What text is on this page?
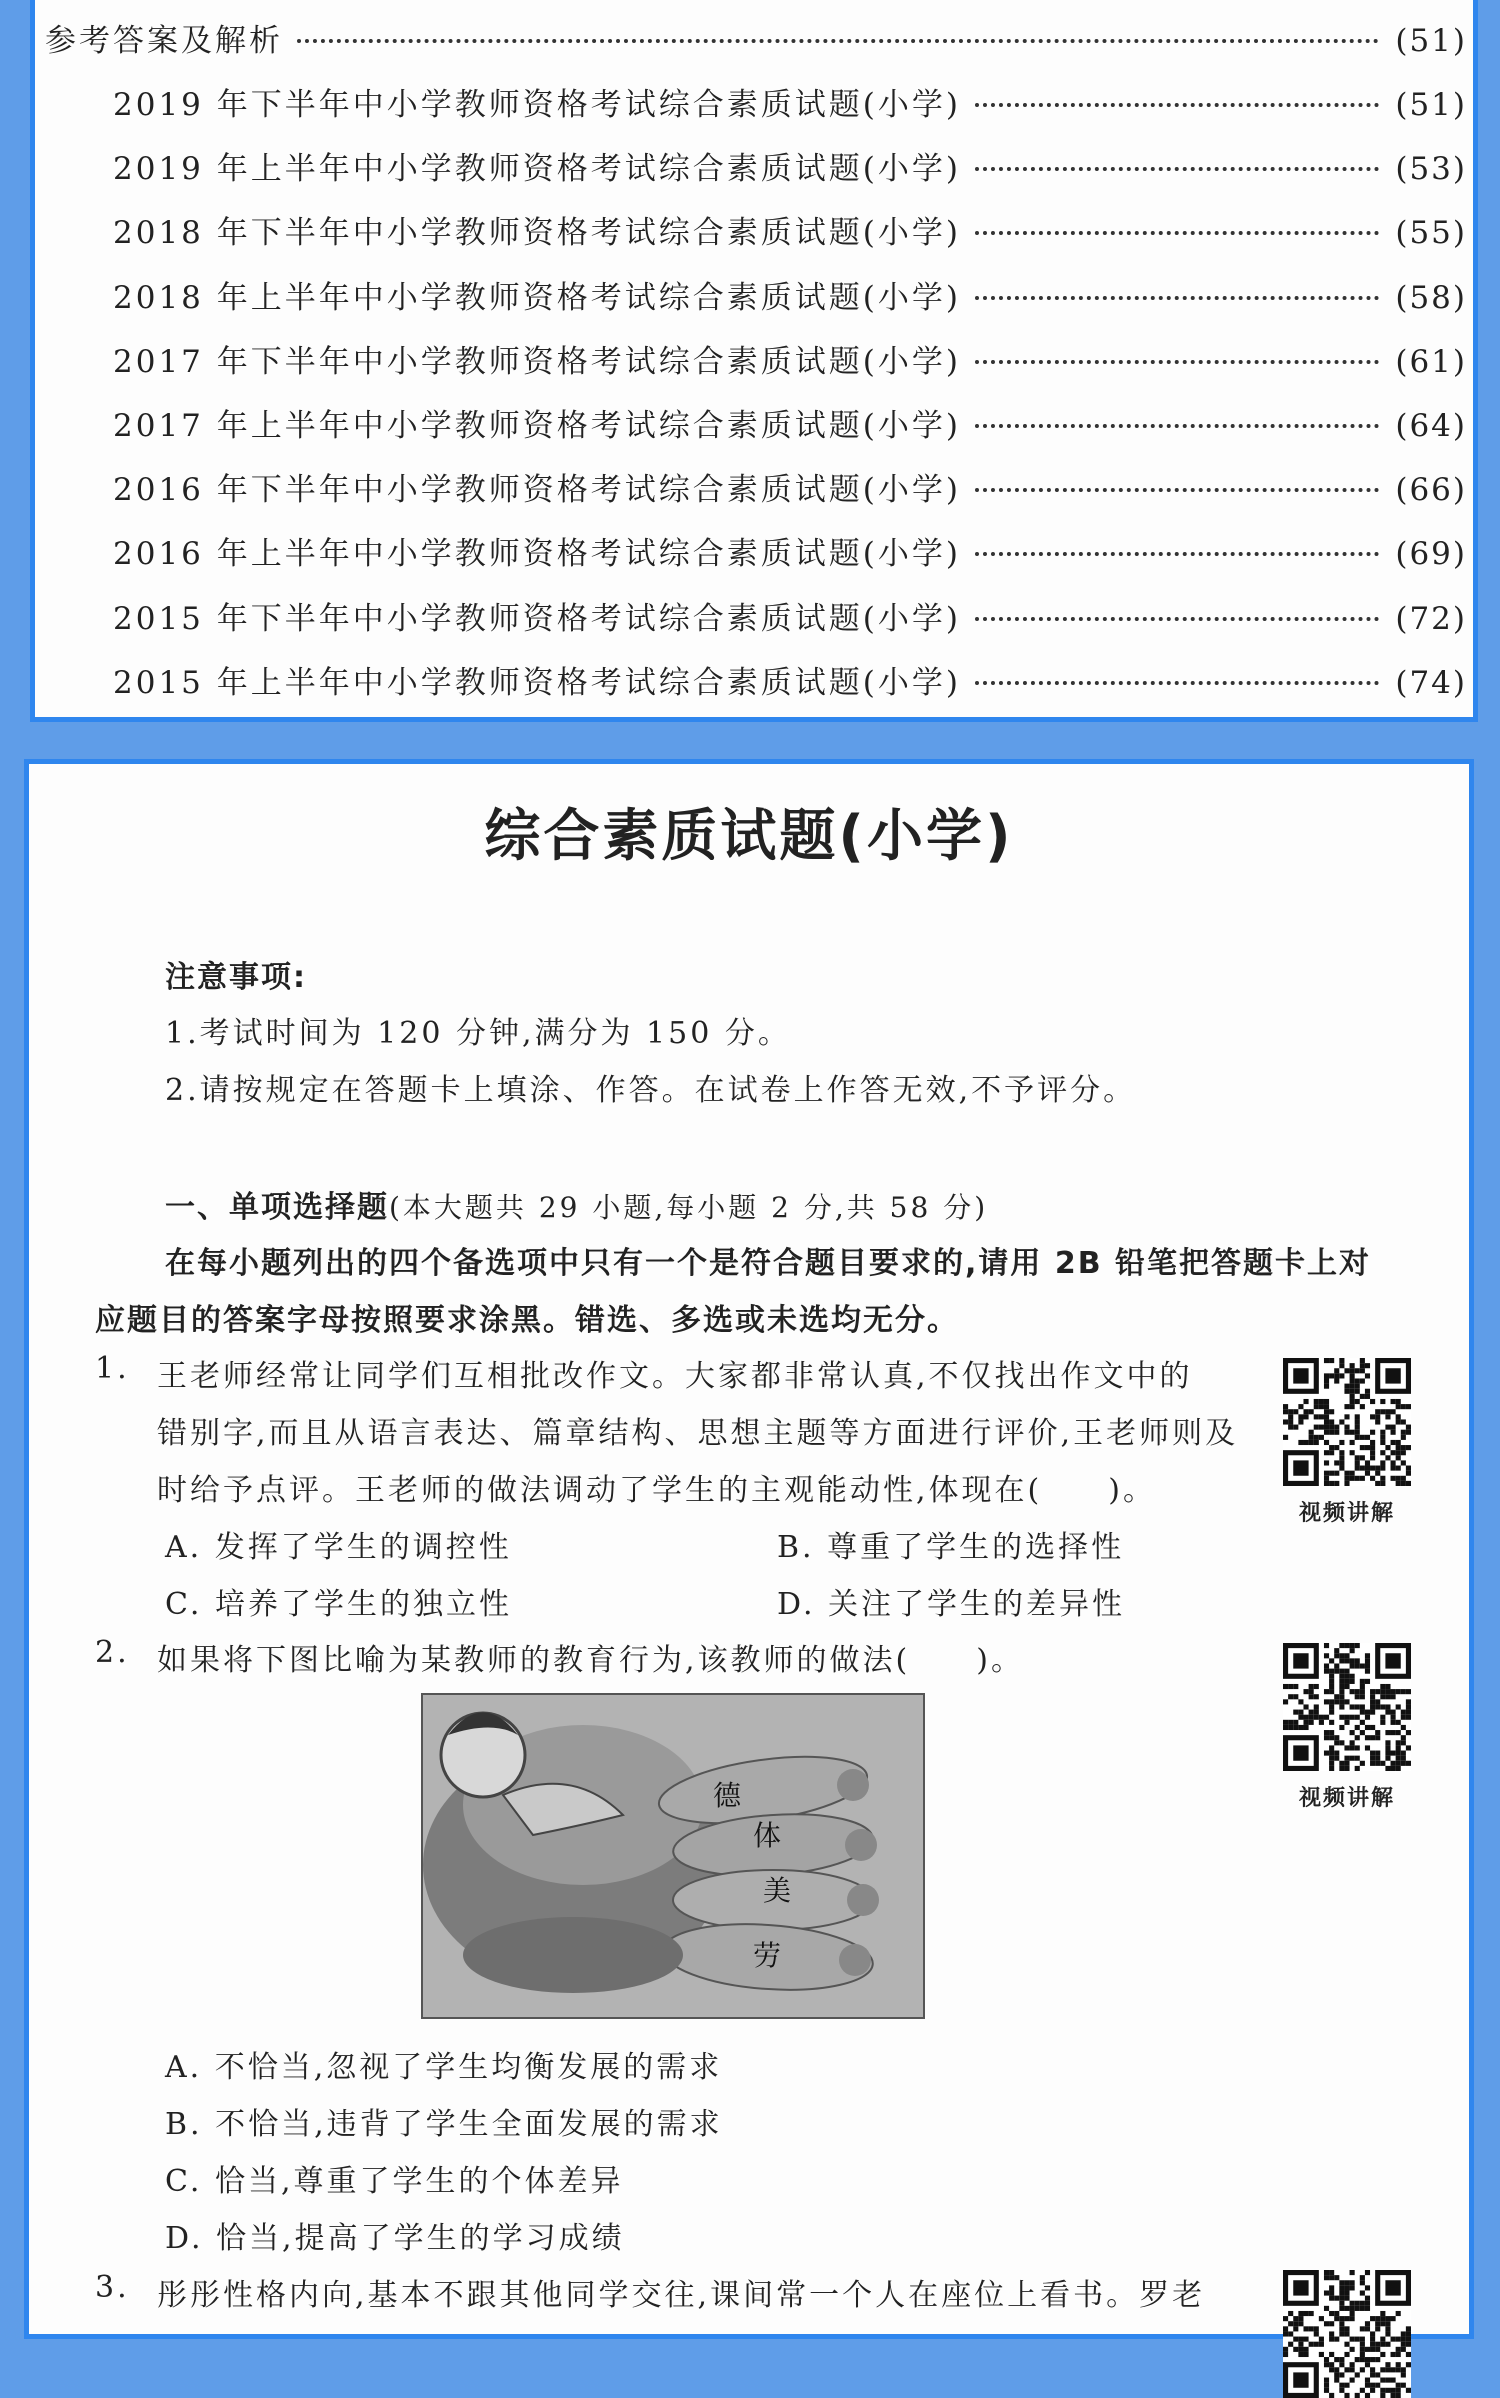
参考答案及解析	(51)
2019 年下半年中小学教师资格考试综合素质试题(小学)	(51)
2019 年上半年中小学教师资格考试综合素质试题(小学)	(53)
2018 年下半年中小学教师资格考试综合素质试题(小学)	(55)
2018 年上半年中小学教师资格考试综合素质试题(小学)	(58)
2017 年下半年中小学教师资格考试综合素质试题(小学)	(61)
2017 年上半年中小学教师资格考试综合素质试题(小学)	(64)
2016 年下半年中小学教师资格考试综合素质试题(小学)	(66)
2016 年上半年中小学教师资格考试综合素质试题(小学)	(69)
2015 年下半年中小学教师资格考试综合素质试题(小学)	(72)
2015 年上半年中小学教师资格考试综合素质试题(小学)	(74)
综合素质试题(小学)
注意事项:
1.考试时间为 120 分钟,满分为 150 分。
2.请按规定在答题卡上填涂、作答。在试卷上作答无效,不予评分。
一、单项选择题(本大题共 29 小题,每小题 2 分,共 58 分)
在每小题列出的四个备选项中只有一个是符合题目要求的,请用 2B 铅笔把答题卡上对
应题目的答案字母按照要求涂黑。错选、多选或未选均无分。
1. 王老师经常让同学们互相批改作文。大家都非常认真,不仅找出作文中的
错别字,而且从语言表达、篇章结构、思想主题等方面进行评价,王老师则及
时给予点评。王老师的做法调动了学生的主观能动性,体现在(　　)。
A. 发挥了学生的调控性	B. 尊重了学生的选择性
C. 培养了学生的独立性	D. 关注了学生的差异性
视频讲解
2. 如果将下图比喻为某教师的教育行为,该教师的做法(　　)。
视频讲解
德
体
美
劳
A. 不恰当,忽视了学生均衡发展的需求
B. 不恰当,违背了学生全面发展的需求
C. 恰当,尊重了学生的个体差异
D. 恰当,提高了学生的学习成绩
3. 彤彤性格内向,基本不跟其他同学交往,课间常一个人在座位上看书。罗老
